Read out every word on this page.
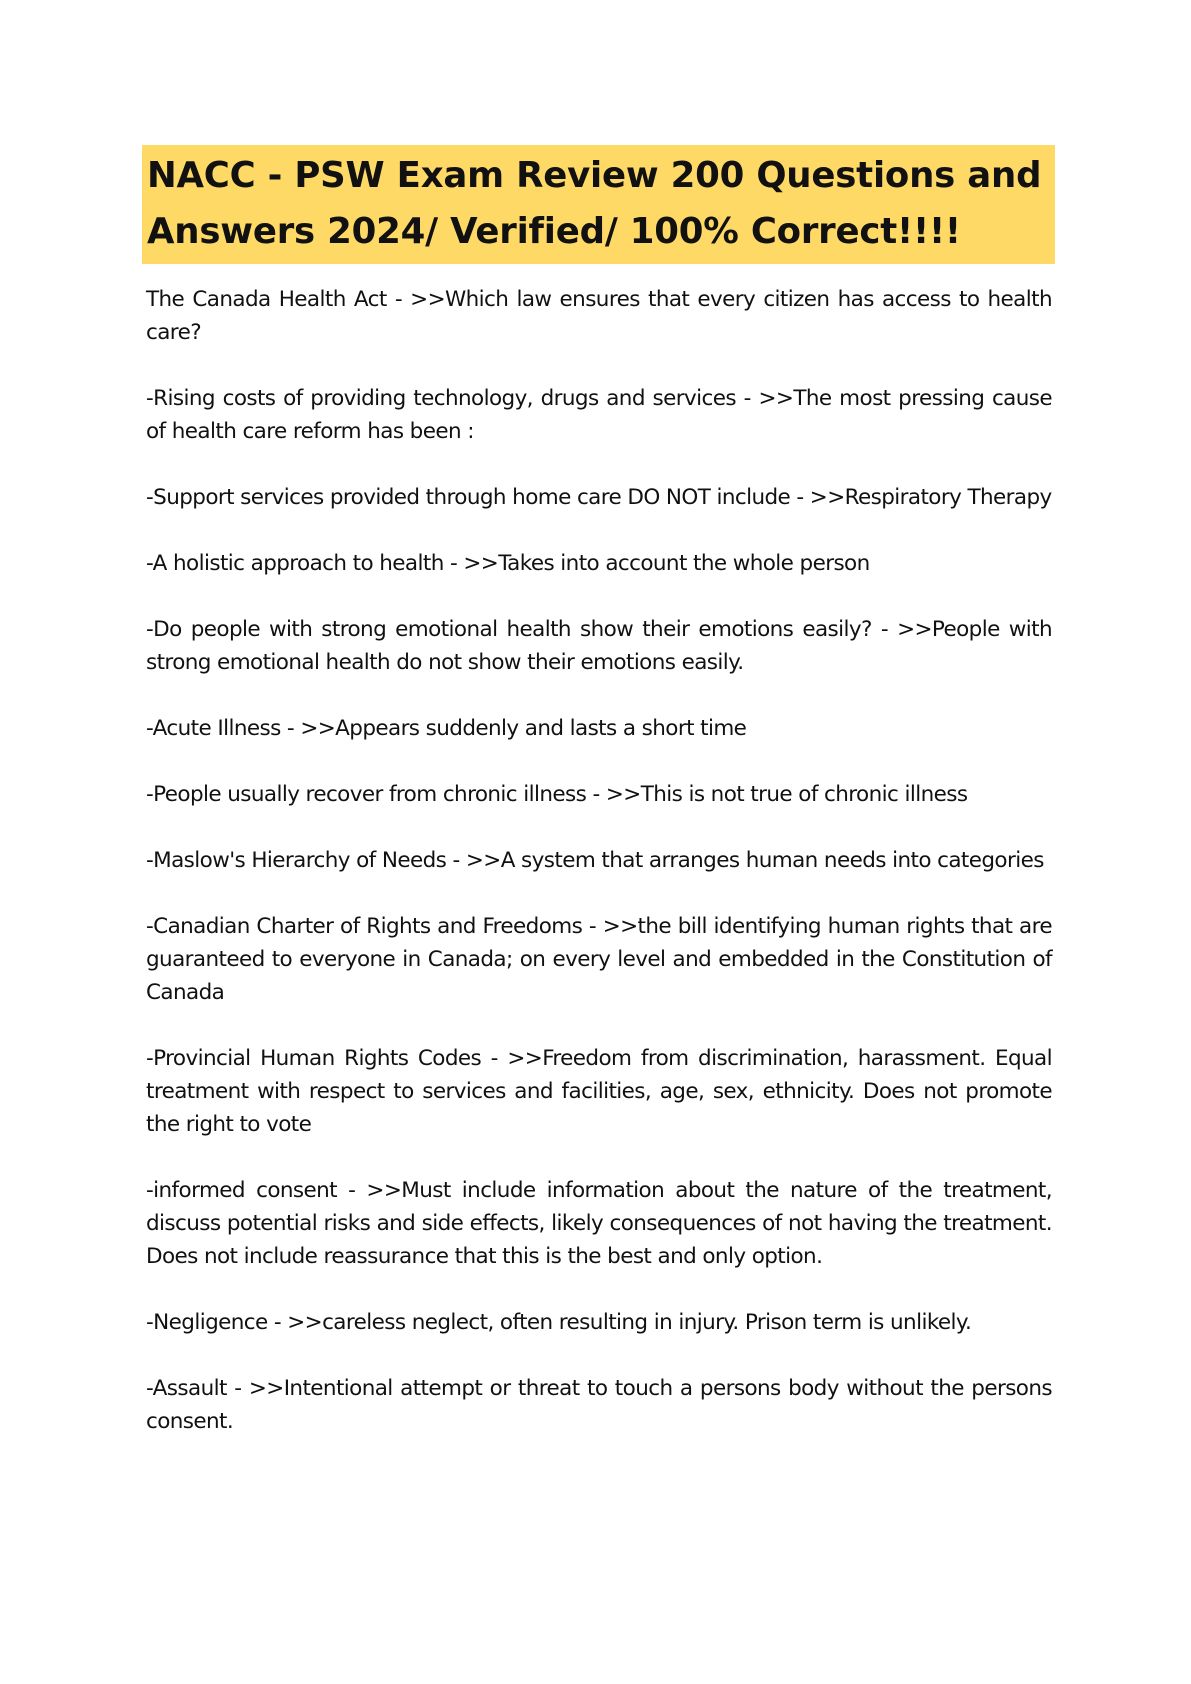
NACC - PSW Exam Review 200 Questions and Answers 2024/ Verified/ 100% Correct!!!!
The Canada Health Act - >>Which law ensures that every citizen has access to health care?
-Rising costs of providing technology, drugs and services - >>The most pressing cause of health care reform has been :
-Support services provided through home care DO NOT include - >>Respiratory Therapy
-A holistic approach to health - >>Takes into account the whole person
-Do people with strong emotional health show their emotions easily? - >>People with strong emotional health do not show their emotions easily.
-Acute Illness - >>Appears suddenly and lasts a short time
-People usually recover from chronic illness - >>This is not true of chronic illness
-Maslow's Hierarchy of Needs - >>A system that arranges human needs into categories
-Canadian Charter of Rights and Freedoms - >>the bill identifying human rights that are guaranteed to everyone in Canada; on every level and embedded in the Constitution of Canada
-Provincial Human Rights Codes - >>Freedom from discrimination, harassment. Equal treatment with respect to services and facilities, age, sex, ethnicity. Does not promote the right to vote
-informed consent - >>Must include information about the nature of the treatment, discuss potential risks and side effects, likely consequences of not having the treatment. Does not include reassurance that this is the best and only option.
-Negligence - >>careless neglect, often resulting in injury. Prison term is unlikely.
-Assault - >>Intentional attempt or threat to touch a persons body without the persons consent.
